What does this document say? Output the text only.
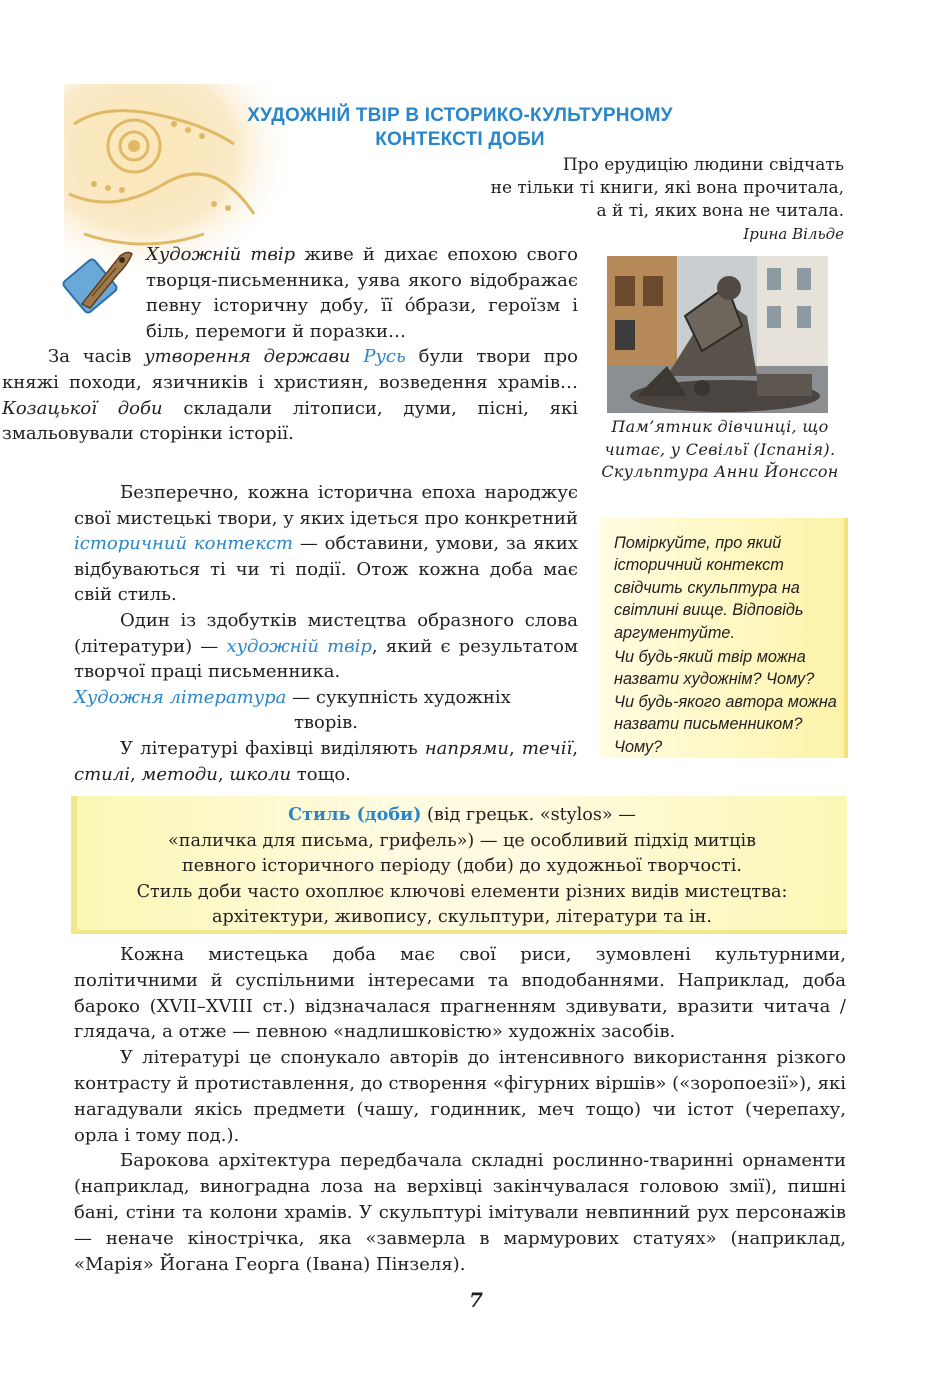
ХУДОЖНІЙ ТВІР В ІСТОРИКО-КУЛЬТУРНОМУ
КОНТЕКСТІ ДОБИ
Про ерудицію людини свідчать
не тільки ті книги, які вона прочитала,
а й ті, яких вона не читала.
Ірина Вільде

Художній твір живе й дихає епохою свого творця-письменника, уява якого відображає певну історичну добу, її о́брази, героїзм і біль, перемоги й поразки…

За часів утворення держави Русь були твори про княжі походи, язичників і християн, возведення храмів… Козацької доби складали літописи, думи, пісні, які змальовували сторінки історії.

Безперечно, кожна історична епоха народжує свої мистецькі твори, у яких ідеться про конкретний історичний контекст — обставини, умови, за яких відбуваються ті чи ті події. Отож кожна доба має свій стиль.

Один із здобутків мистецтва образного слова (літератури) — художній твір, який є результатом творчої праці письменника.

Художня література — сукупність художніх

творів.

У літературі фахівці виділяють напрями, течії, стилі, методи, школи тощо.

Пам’ятник дівчинці, що читає, у Севільї (Іспанія). Скульптура Анни Йонссон

Поміркуйте, про який історичний контекст свідчить скульптура на світлині вище. Відповідь аргументуйте.

Чи будь-який твір можна назвати художнім? Чому?

Чи будь-якого автора можна назвати письменником? Чому?

Стиль (доби) (від грецьк. «stylos» —
«паличка для письма, грифель») — це особливий підхід митців
певного історичного періоду (доби) до художньої творчості.
Стиль доби часто охоплює ключові елементи різних видів мистецтва:
архітектури, живопису, скульптури, літератури та ін.

Кожна мистецька доба має свої риси, зумовлені культурними, політичними й суспільними інтересами та вподобаннями. Наприклад, доба бароко (XVII–XVIII ст.) відзначалася прагненням здивувати, вразити читача / глядача, а отже — певною «надлишковістю» художніх засобів.

У літературі це спонукало авторів до інтенсивного використання різкого контрасту й протиставлення, до створення «фігурних віршів» («зоропоезії»), які нагадували якісь предмети (чашу, годинник, меч тощо) чи істот (черепаху, орла і тому под.).

Барокова архітектура передбачала складні рослинно-тваринні орнаменти (наприклад, виноградна лоза на верхівці закінчувалася головою змії), пишні бані, стіни та колони храмів. У скульптурі імітували невпинний рух персонажів — неначе кінострічка, яка «завмерла в мармурових статуях» (наприклад, «Марія» Йогана Георга (Івана) Пінзеля).

7
